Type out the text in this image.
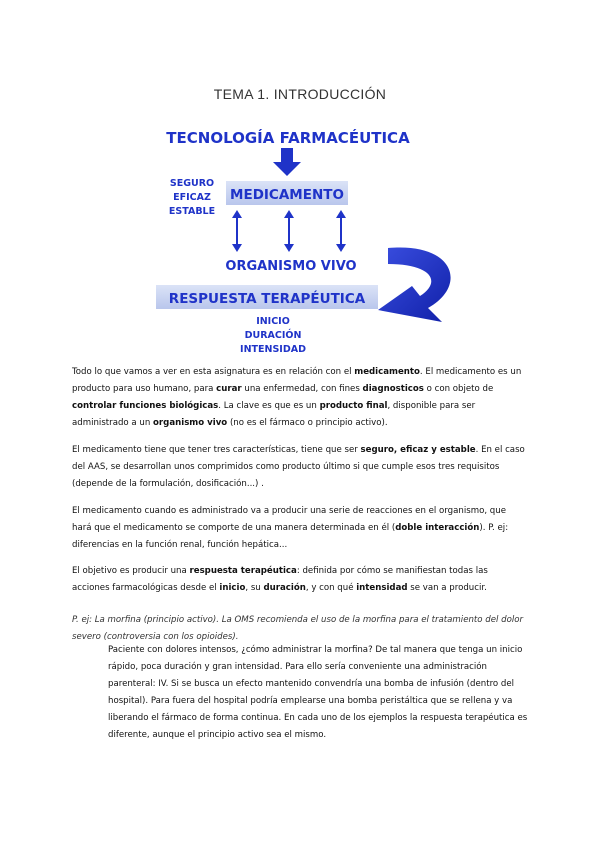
TEMA 1. INTRODUCCIÓN
TECNOLOGÍA FARMACÉUTICA
SEGURO
EFICAZ
ESTABLE
MEDICAMENTO
ORGANISMO VIVO
RESPUESTA TERAPÉUTICA
INICIO
DURACIÓN
INTENSIDAD
Todo lo que vamos a ver en esta asignatura es en relación con el medicamento. El medicamento es un producto para uso humano, para curar una enfermedad, con fines diagnosticos o con objeto de controlar funciones biológicas. La clave es que es un producto final, disponible para ser administrado a un organismo vivo (no es el fármaco o principio activo).
El medicamento tiene que tener tres características, tiene que ser seguro, eficaz y estable. En el caso del AAS, se desarrollan unos comprimidos como producto último si que cumple esos tres requisitos (depende de la formulación, dosificación...) .
El medicamento cuando es administrado va a producir una serie de reacciones en el organismo, que hará que el medicamento se comporte de una manera determinada en él (doble interacción). P. ej: diferencias en la función renal, función hepática...
El objetivo es producir una respuesta terapéutica: definida por cómo se manifiestan todas las acciones farmacológicas desde el inicio, su duración, y con qué intensidad se van a producir.
P. ej: La morfina (principio activo). La OMS recomienda el uso de la morfina para el tratamiento del dolor severo (controversia con los opioides).
Paciente con dolores intensos, ¿cómo administrar la morfina? De tal manera que tenga un inicio rápido, poca duración y gran intensidad. Para ello sería conveniente una administración parenteral: IV. Si se busca un efecto mantenido convendría una bomba de infusión (dentro del hospital). Para fuera del hospital podría emplearse una bomba peristáltica que se rellena y va liberando el fármaco de forma continua. En cada uno de los ejemplos la respuesta terapéutica es diferente, aunque el principio activo sea el mismo.
